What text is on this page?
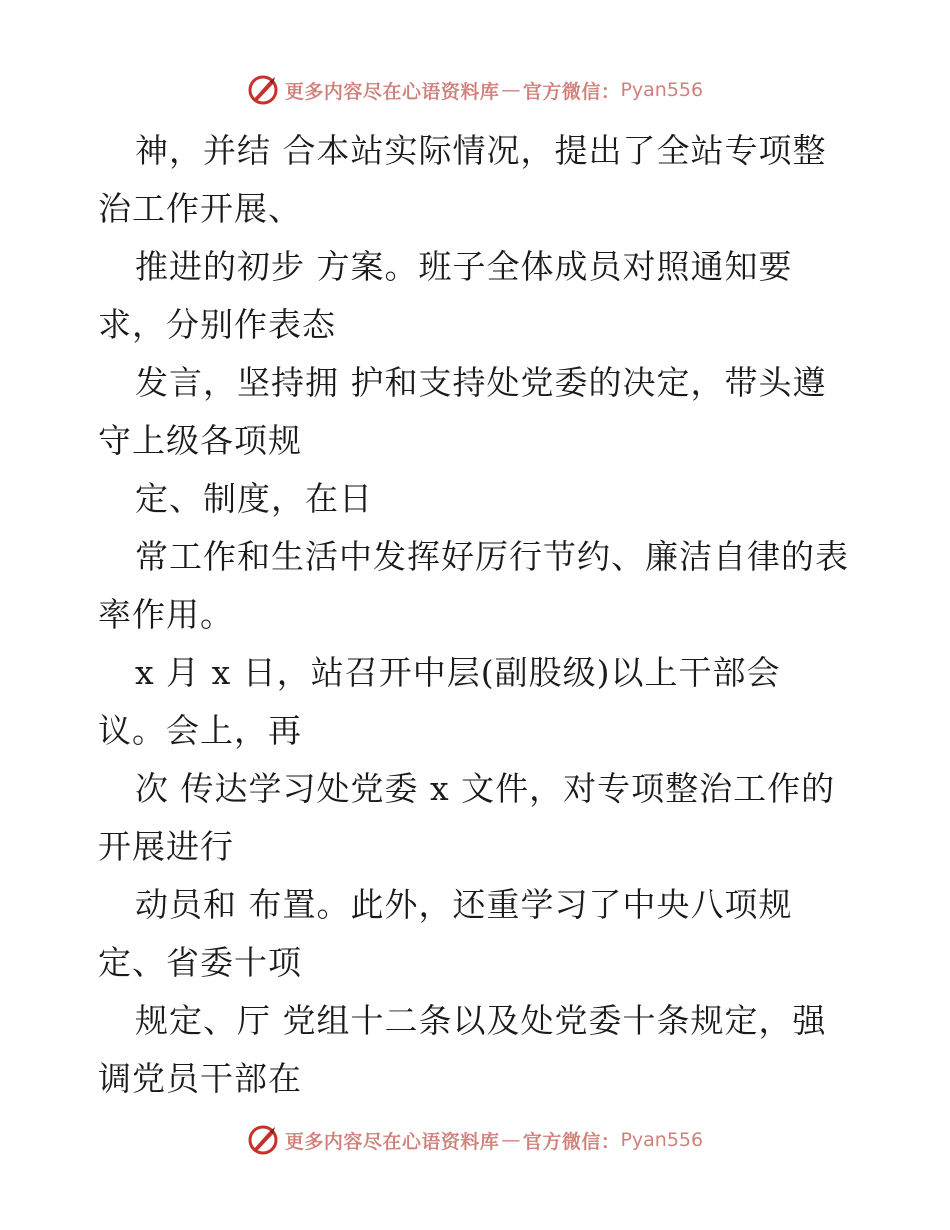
更多内容尽在心语资料库 — 官方微信： Pyan556
神，并结 合本站实际情况，提出了全站专项整
治工作开展、
推进的初步 方案。班子全体成员对照通知要
求，分别作表态
发言，坚持拥 护和支持处党委的决定，带头遵
守上级各项规
定、制度，在日
常工作和生活中发挥好厉行节约、廉洁自律的表
率作用。
x 月 x 日，站召开中层(副股级)以上干部会
议。会上，再
次 传达学习处党委 x 文件，对专项整治工作的
开展进行
动员和 布置。此外，还重学习了中央八项规
定、省委十项
规定、厅 党组十二条以及处党委十条规定，强
调党员干部在
更多内容尽在心语资料库 — 官方微信： Pyan556
